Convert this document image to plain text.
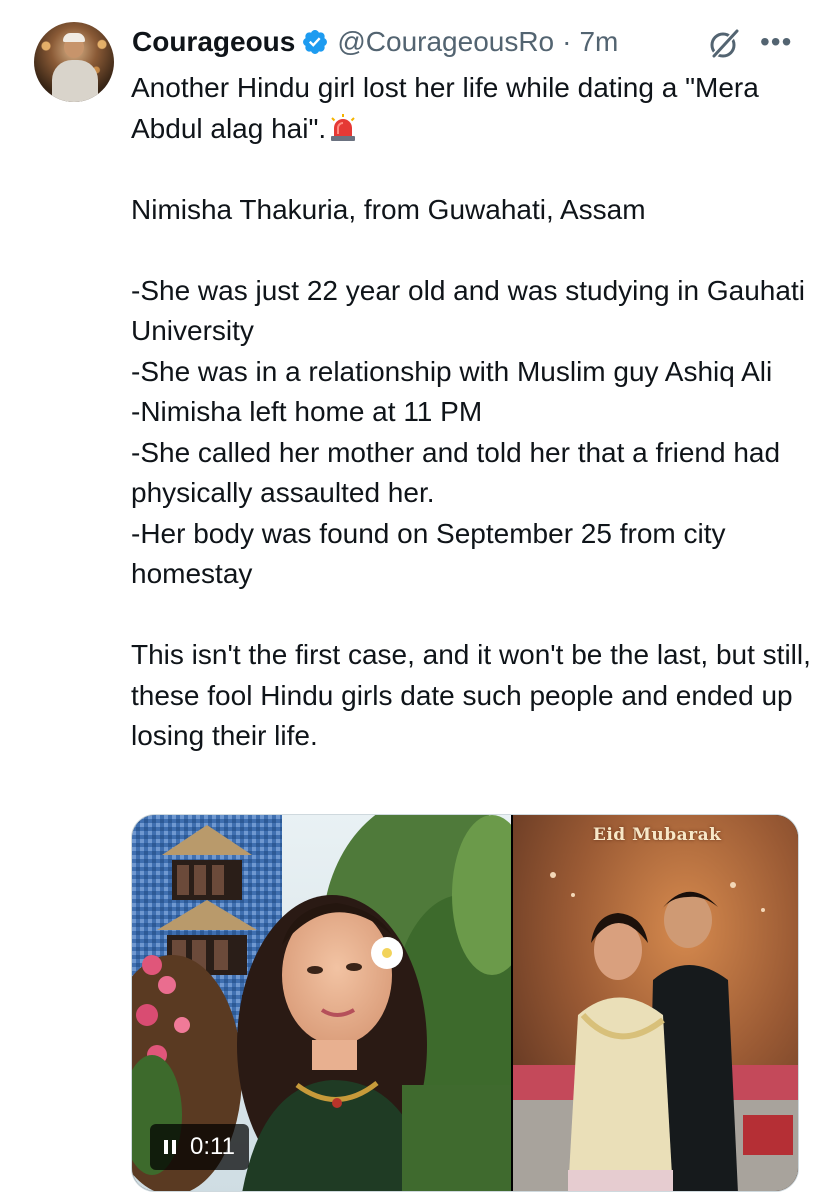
Courageous @CourageousRo · 7m	•••

Another Hindu girl lost her life while dating a "Mera Abdul alag hai".

Nimisha Thakuria, from Guwahati, Assam

-She was just 22 year old and was studying in Gauhati University

-She was in a relationship with Muslim guy Ashiq Ali

-Nimisha left home at 11 PM

-She called her mother and told her that a friend had physically assaulted her.

-Her body was found on September 25 from city homestay

This isn't the first case, and it won't be the last, but still, these fool Hindu girls date such people and ended up losing their life.

0:11
Eid Mubarak
